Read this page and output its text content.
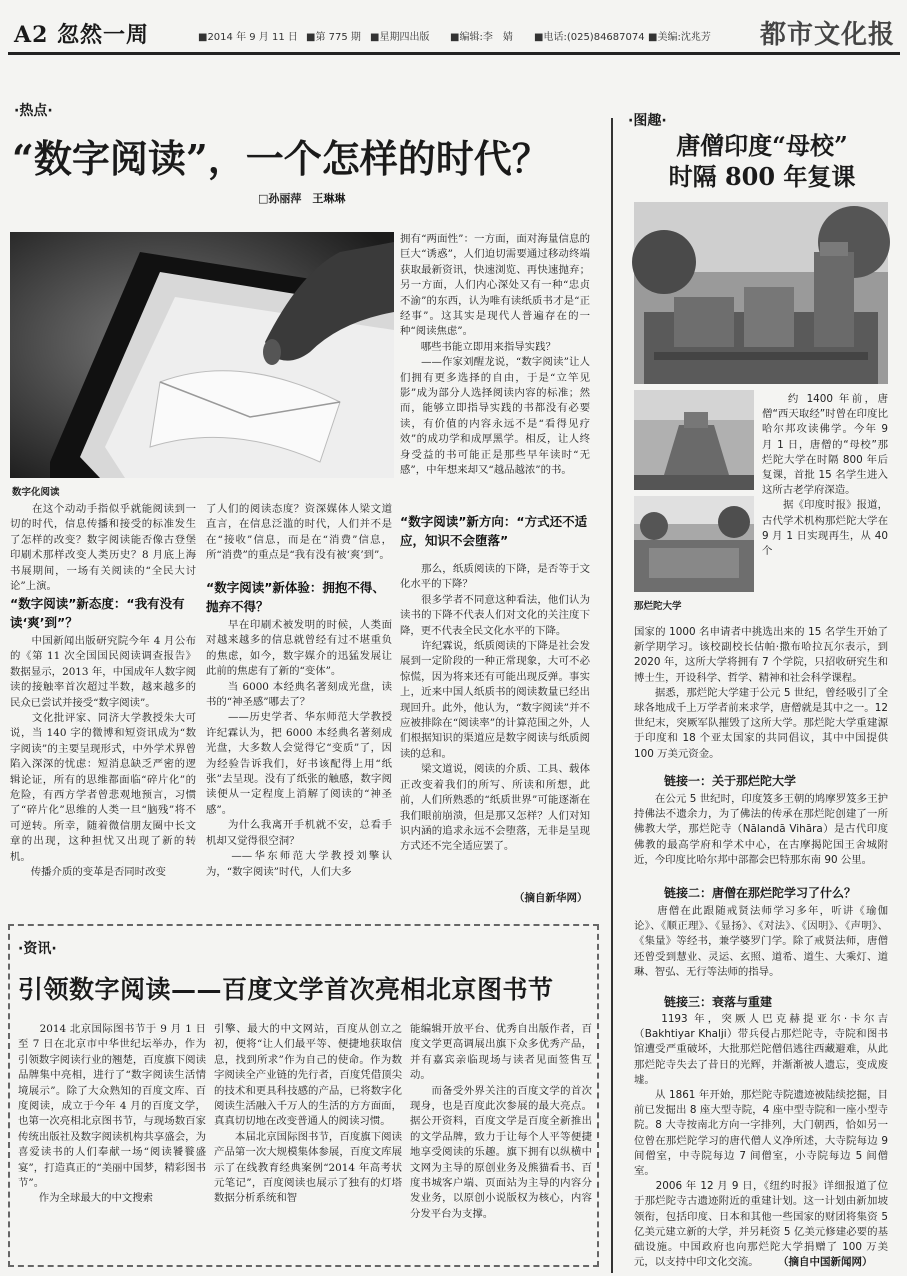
A2 忽然一周	■2014 年 9 月 11 日 ■第 775 期 ■星期四出版 ■编辑:李　婧 ■电话:(025)84687074 ■美编:沈兆芳 都市文化报
·热点·
“数字阅读”，一个怎样的时代？
□孙丽萍　王琳琳
数字化阅读
　　在这个动动手指似乎就能阅读到一切的时代，信息传播和接受的标准发生了怎样的改变？数字阅读能否像古登堡印刷术那样改变人类历史？8 月底上海书展期间，一场有关阅读的“全民大讨论”上演。
“数字阅读”新态度：“我有没有读‘爽’到”？
　　中国新闻出版研究院今年 4 月公布的《第 11 次全国国民阅读调查报告》数据显示，2013 年，中国成年人数字阅读的接触率首次超过半数，越来越多的民众已尝试并接受“数字阅读”。
　　文化批评家、同济大学教授朱大可说，当 140 字的微博和短资讯成为“数字阅读”的主要呈现形式，中外学术界曾陷入深深的忧虑：短消息缺乏严密的逻辑论证，所有的思维都面临“碎片化”的危险，有西方学者曾悲观地预言，习惯了“碎片化”思维的人类一旦“脑残”将不可逆转。所幸，随着微信朋友圈中长文章的出现，这种担忧又出现了新的转机。
　　传播介质的变革是否同时改变
了人们的阅读态度？资深媒体人梁文道直言，在信息泛滥的时代，人们并不是在“接收”信息，而是在“消费”信息，所“消费”的重点是“我有没有被‘爽’到”。
“数字阅读”新体验：拥抱不得、抛弃不得？
　　早在印刷术被发明的时候，人类面对越来越多的信息就曾经有过不堪重负的焦虑，如今，数字媒介的迅猛发展让此前的焦虑有了新的“变体”。
　　当 6000 本经典名著刻成光盘，读书的“神圣感”哪去了？
　　——历史学者、华东师范大学教授许纪霖认为，把 6000 本经典名著刻成光盘，大多数人会觉得它“变质”了，因为经验告诉我们，好书该配得上用“纸张”去呈现。没有了纸张的触感，数字阅读便从一定程度上消解了阅读的“神圣感”。
　　为什么我离开手机就不安，总看手机却又觉得很空洞？
　　——华东师范大学教授刘擎认为，“数字阅读”时代，人们大多
拥有“两面性”：一方面，面对海量信息的巨大“诱惑”，人们迫切需要通过移动终端获取最新资讯，快速浏览、再快速抛弃；另一方面，人们内心深处又有一种“忠贞不渝”的东西，认为唯有读纸质书才是“正经事”。这其实是现代人普遍存在的一种“阅读焦虑”。
　　哪些书能立即用来指导实践？
　　——作家刘醒龙说，“数字阅读”让人们拥有更多选择的自由，于是“立竿见影”成为部分人选择阅读内容的标准；然而，能够立即指导实践的书都没有必要读，有价值的内容永远不是“看得见疗效”的成功学和成厚黑学。相反，让人终身受益的书可能正是那些早年读时“无感”，中年想来却又“越品越浓”的书。
“数字阅读”新方向：“方式还不适应，知识不会堕落”
　　那么，纸质阅读的下降，是否等于文化水平的下降？
　　很多学者不同意这种看法，他们认为读书的下降不代表人们对文化的关注度下降，更不代表全民文化水平的下降。
　　许纪霖说，纸质阅读的下降是社会发展到一定阶段的一种正常现象，大可不必惊慌，因为将来还有可能出现反弹。事实上，近来中国人纸质书的阅读数量已经出现回升。此外，他认为，“数字阅读”并不应被排除在“阅读率”的计算范围之外，人们根据知识的渠道应是数字阅读与纸质阅读的总和。
　　梁文道说，阅读的介质、工具、载体正改变着我们的所写、所读和所想，此前，人们所熟悉的“纸质世界”可能逐渐在我们眼前崩溃，但是那又怎样？人们对知识内涵的追求永远不会堕落，无非是呈现方式还不完全适应罢了。
（摘自新华网）
·资讯·
引领数字阅读——百度文学首次亮相北京图书节
　　2014 北京国际图书节于 9 月 1 日至 7 日在北京市中华世纪坛举办，作为引领数字阅读行业的翘楚，百度旗下阅读品牌集中亮相，进行了“数字阅读生活情境展示”。除了大众熟知的百度文库、百度阅读，成立于今年 4 月的百度文学，也第一次亮相北京图书节，与现场数百家传统出版社及数字阅读机构共享盛会，为喜爱读书的人们奉献一场“阅读饕餮盛宴”，打造真正的“美丽中国梦，精彩图书节”。
　　作为全球最大的中文搜索
引擎、最大的中文网站，百度从创立之初，便将“让人们最平等、便捷地获取信息，找到所求”作为自己的使命。作为数字阅读全产业链的先行者，百度凭借顶尖的技术和更具科技感的产品，已将数字化阅读生活融入千万人的生活的方方面面，真真切切地在改变普通人的阅读习惯。
　　本届北京国际图书节，百度旗下阅读产品第一次大规模集体参展，百度文库展示了在线教育经典案例“2014 年高考状元笔记”，百度阅读也展示了独有的灯塔数据分析系统和智
能编辑开放平台、优秀自出版作者，百度文学更高调展出旗下众多优秀产品，并有嘉宾亲临现场与读者见面签售互动。
　　而备受外界关注的百度文学的首次现身，也是百度此次参展的最大亮点。据公开资料，百度文学是百度全新推出的文学品牌，致力于让每个人平等便捷地享受阅读的乐趣。旗下拥有以纵横中文网为主导的原创业务及熊猫看书、百度书城客户端、页面站为主导的内容分发业务，以原创小说版权为核心，内容分发平台为支撑。
·图趣·
唐僧印度“母校”
时隔 800 年复课
那烂陀大学
　　约 1400 年前，唐僧“西天取经”时曾在印度比哈尔邦攻读佛学。今年 9 月 1 日，唐僧的“母校”那烂陀大学在时隔 800 年后复课，首批 15 名学生进入这所古老学府深造。
　　据《印度时报》报道，古代学术机构那烂陀大学在 9 月 1 日实现再生，从 40 个
国家的 1000 名申请者中挑选出来的 15 名学生开始了新学期学习。该校副校长估帕·撒布哈拉瓦尔表示，到 2020 年，这所大学将拥有 7 个学院，只招收研究生和博士生，开设科学、哲学、精神和社会科学课程。
　　据悉，那烂陀大学建于公元 5 世纪，曾经吸引了全球各地成千上万学者前来求学，唐僧就是其中之一。12 世纪末，突厥军队摧毁了这所大学。那烂陀大学重建源于印度和 18 个亚太国家的共同倡议，其中中国提供 100 万美元资金。
链接一：关于那烂陀大学
　　在公元 5 世纪时，印度笈多王朝的鸠摩罗笈多王护持佛法不遗余力，为了佛法的传承在那烂陀创建了一所佛教大学，那烂陀寺（Nālandā Vihāra）是古代印度佛教的最高学府和学术中心，在古摩揭陀国王舍城附近，今印度比哈尔邦中部都会巴特那东南 90 公里。
链接二：唐僧在那烂陀学习了什么？
　　唐僧在此跟随戒贤法师学习多年，听讲《瑜伽论》、《顺正理》、《显扬》、《对法》、《因明》、《声明》、《集量》等经书，兼学婆罗门学。除了戒贤法师，唐僧还曾受到慧业、灵运、玄照、道希、道生、大乘灯、道琳、智弘、无行等法师的指导。
链接三：衰落与重建
　　1193 年，突厥人巴克赫提亚尔·卡尔吉（Bakhtiyar Khalji）带兵侵占那烂陀寺，寺院和图书馆遭受严重破坏，大批那烂陀僧侣逃往西藏避难，从此那烂陀寺失去了昔日的光辉，并渐渐被人遗忘，变成废墟。
　　从 1861 年开始，那烂陀寺院遗迹被陆续挖掘，目前已发掘出 8 座大型寺院，4 座中型寺院和一座小型寺院。8 大寺按南北方向一字排列，大门朝西，恰如另一位曾在那烂陀学习的唐代僧人义净所述，大寺院每边 9 间僧室，中寺院每边 7 间僧室，小寺院每边 5 间僧室。
　　2006 年 12 月 9 日，《纽约时报》详细报道了位于那烂陀寺古遗迹附近的重建计划。这一计划由新加坡领衔，包括印度、日本和其他一些国家的财团将集资 5 亿美元建立新的大学，并另耗资 5 亿美元修建必要的基础设施。中国政府也向那烂陀大学捐赠了 100 万美元，以支持中印文化交流。	（摘自中国新闻网）
